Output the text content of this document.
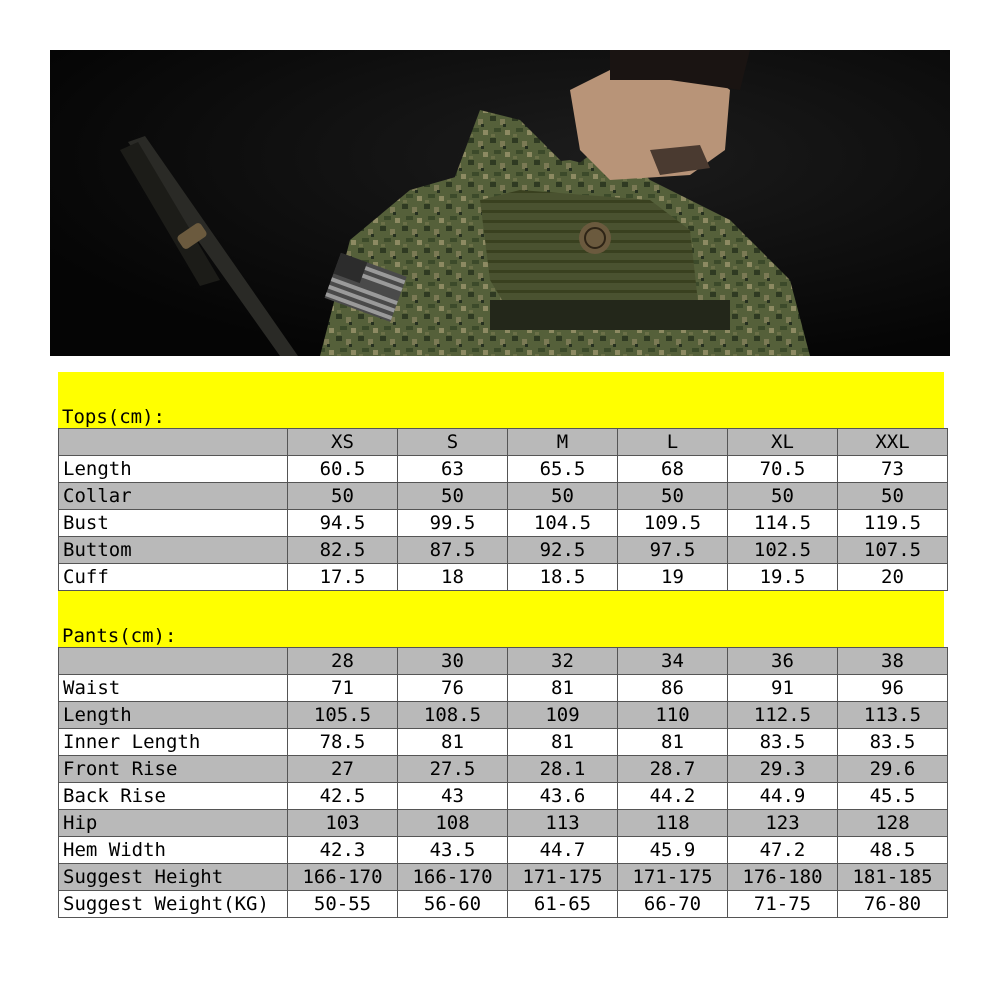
Tops(cm):
	XS	S	M	L	XL	XXL
Length	60.5	63	65.5	68	70.5	73
Collar	50	50	50	50	50	50
Bust	94.5	99.5	104.5	109.5	114.5	119.5
Buttom	82.5	87.5	92.5	97.5	102.5	107.5
Cuff	17.5	18	18.5	19	19.5	20
Pants(cm):
	28	30	32	34	36	38
Waist	71	76	81	86	91	96
Length	105.5	108.5	109	110	112.5	113.5
Inner Length	78.5	81	81	81	83.5	83.5
Front Rise	27	27.5	28.1	28.7	29.3	29.6
Back Rise	42.5	43	43.6	44.2	44.9	45.5
Hip	103	108	113	118	123	128
Hem Width	42.3	43.5	44.7	45.9	47.2	48.5
Suggest Height	166-170	166-170	171-175	171-175	176-180	181-185
Suggest Weight(KG)	50-55	56-60	61-65	66-70	71-75	76-80
